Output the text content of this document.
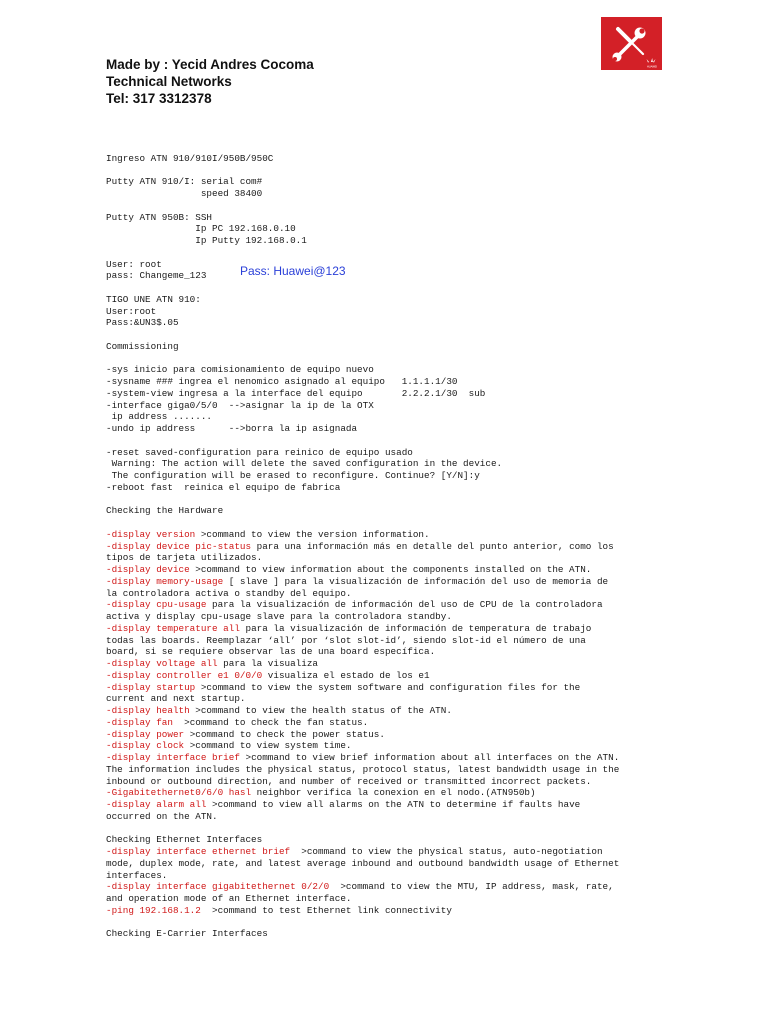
Made by : Yecid Andres Cocoma
Technical Networks
Tel: 317 3312378
HUAWEI
Ingreso ATN 910/910I/950B/950C
Putty ATN 910/I: serial com#
speed 38400
Putty ATN 950B: SSH
Ip PC 192.168.0.10
Ip Putty 192.168.0.1
User: root
pass: Changeme_123
TIGO UNE ATN 910:
User:root
Pass:&UN3$.05
Commissioning
-sys inicio para comisionamiento de equipo nuevo
-sysname ### ingrea el nenomico asignado al equipo   1.1.1.1/30
-system-view ingresa a la interface del equipo       2.2.2.1/30  sub
-interface giga0/5/0  -->asignar la ip de la OTX
ip address .......
-undo ip address      -->borra la ip asignada
-reset saved-configuration para reinico de equipo usado
Warning: The action will delete the saved configuration in the device.
The configuration will be erased to reconfigure. Continue? [Y/N]:y
-reboot fast  reinica el equipo de fabrica
Checking the Hardware
-display version >command to view the version information.
-display device pic-status para una información más en detalle del punto anterior, como los
tipos de tarjeta utilizados.
-display device >command to view information about the components installed on the ATN.
-display memory-usage [ slave ] para la visualización de información del uso de memoria de
la controladora activa o standby del equipo.
-display cpu-usage para la visualización de información del uso de CPU de la controladora
activa y display cpu-usage slave para la controladora standby.
-display temperature all para la visualización de información de temperatura de trabajo
todas las boards. Reemplazar ‘all’ por ‘slot slot-id’, siendo slot-id el número de una
board, si se requiere observar las de una board específica.
-display voltage all para la visualiza
-display controller e1 0/0/0 visualiza el estado de los e1
-display startup >command to view the system software and configuration files for the
current and next startup.
-display health >command to view the health status of the ATN.
-display fan  >command to check the fan status.
-display power >command to check the power status.
-display clock >command to view system time.
-display interface brief >command to view brief information about all interfaces on the ATN.
The information includes the physical status, protocol status, latest bandwidth usage in the
inbound or outbound direction, and number of received or transmitted incorrect packets.
-Gigabitethernet0/6/0 hasl neighbor verifica la conexion en el nodo.(ATN950b)
-display alarm all >command to view all alarms on the ATN to determine if faults have
occurred on the ATN.
Checking Ethernet Interfaces
-display interface ethernet brief  >command to view the physical status, auto-negotiation
mode, duplex mode, rate, and latest average inbound and outbound bandwidth usage of Ethernet
interfaces.
-display interface gigabitethernet 0/2/0  >command to view the MTU, IP address, mask, rate,
and operation mode of an Ethernet interface.
-ping 192.168.1.2  >command to test Ethernet link connectivity
Checking E-Carrier Interfaces
Pass: Huawei@123
